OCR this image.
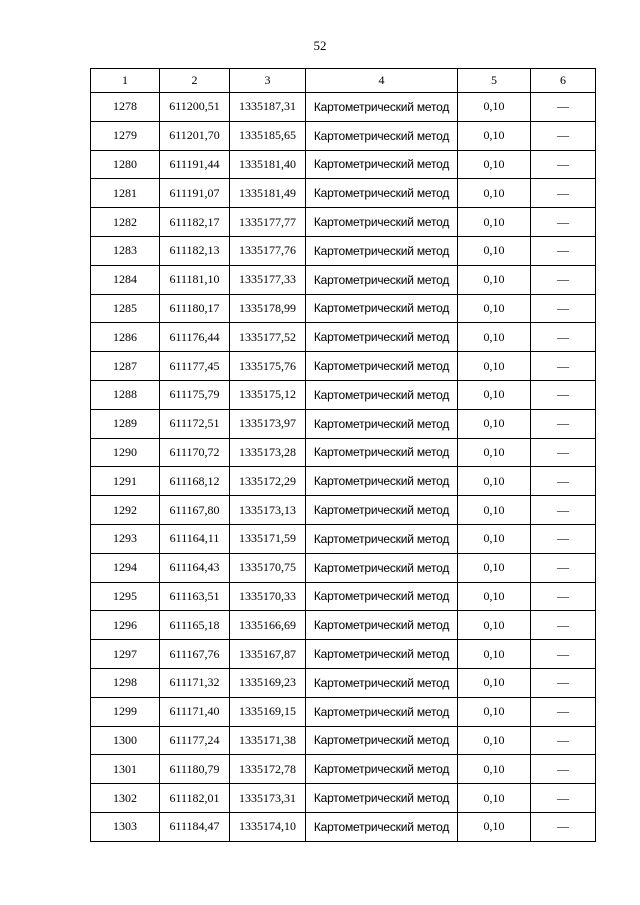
52
1	2	3	4	5	6
1278	611200,51	1335187,31	Картометрический метод	0,10	—
1279	611201,70	1335185,65	Картометрический метод	0,10	—
1280	611191,44	1335181,40	Картометрический метод	0,10	—
1281	611191,07	1335181,49	Картометрический метод	0,10	—
1282	611182,17	1335177,77	Картометрический метод	0,10	—
1283	611182,13	1335177,76	Картометрический метод	0,10	—
1284	611181,10	1335177,33	Картометрический метод	0,10	—
1285	611180,17	1335178,99	Картометрический метод	0,10	—
1286	611176,44	1335177,52	Картометрический метод	0,10	—
1287	611177,45	1335175,76	Картометрический метод	0,10	—
1288	611175,79	1335175,12	Картометрический метод	0,10	—
1289	611172,51	1335173,97	Картометрический метод	0,10	—
1290	611170,72	1335173,28	Картометрический метод	0,10	—
1291	611168,12	1335172,29	Картометрический метод	0,10	—
1292	611167,80	1335173,13	Картометрический метод	0,10	—
1293	611164,11	1335171,59	Картометрический метод	0,10	—
1294	611164,43	1335170,75	Картометрический метод	0,10	—
1295	611163,51	1335170,33	Картометрический метод	0,10	—
1296	611165,18	1335166,69	Картометрический метод	0,10	—
1297	611167,76	1335167,87	Картометрический метод	0,10	—
1298	611171,32	1335169,23	Картометрический метод	0,10	—
1299	611171,40	1335169,15	Картометрический метод	0,10	—
1300	611177,24	1335171,38	Картометрический метод	0,10	—
1301	611180,79	1335172,78	Картометрический метод	0,10	—
1302	611182,01	1335173,31	Картометрический метод	0,10	—
1303	611184,47	1335174,10	Картометрический метод	0,10	—
